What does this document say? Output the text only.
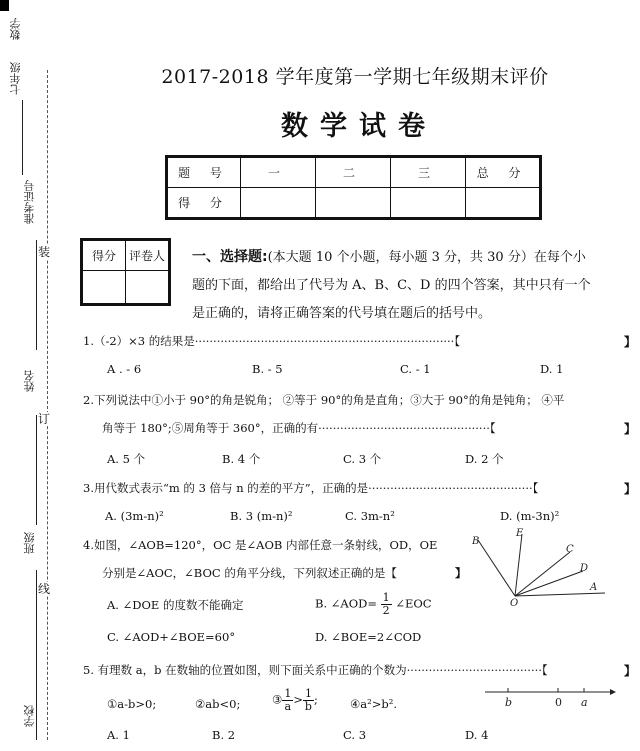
数学
七年级
准考证号
姓名
班级
学校
装
订
线
2017-2018 学年度第一学期七年级期末评价
数学试卷
题 号	一	二	三	总 分
得 分				
得分	评卷人
	一、选择题:(本大题 10 个小题，每小题 3 分，共 30 分）在每个小
题的下面，都给出了代号为 A、B、C、D 的四个答案，其中只有一个
是正确的，请将正确答案的代号填在题后的括号中。
1.（-2）×3 的结果是·······································································【	】
A . - 6	B. - 5	C. - 1	D. 1
2.下列说法中①小于 90°的角是锐角； ②等于 90°的角是直角；③大于 90°的角是钝角； ④平
角等于 180°;⑤周角等于 360°，正确的有···············································【	】
A. 5 个	B. 4 个	C. 3 个	D. 2 个
3.用代数式表示“m 的 3 倍与 n 的差的平方”，正确的是·············································【	】
A. (3m-n)²	B. 3 (m-n)²	C. 3m-n²	D. (m-3n)²
4.如图，∠AOB=120°，OC 是∠AOB 内部任意一条射线，OD，OE
分别是∠AOC，∠BOC 的角平分线，下列叙述正确的是【	】
A. ∠DOE 的度数不能确定	B. ∠AOD= $\frac{1}{2}$ ∠EOC
C. ∠AOD+∠BOE=60°	D. ∠BOE=2∠COD
B
E
C
D
O
A
5. 有理数 a，b 在数轴的位置如图，则下面关系中正确的个数为·····································【	】
①a-b>0;	②ab<0;	③ $\frac{1}{a} > \frac{1}{b}$ ;	④a²>b².	b	0 a
A. 1	B. 2	C. 3	D. 4
